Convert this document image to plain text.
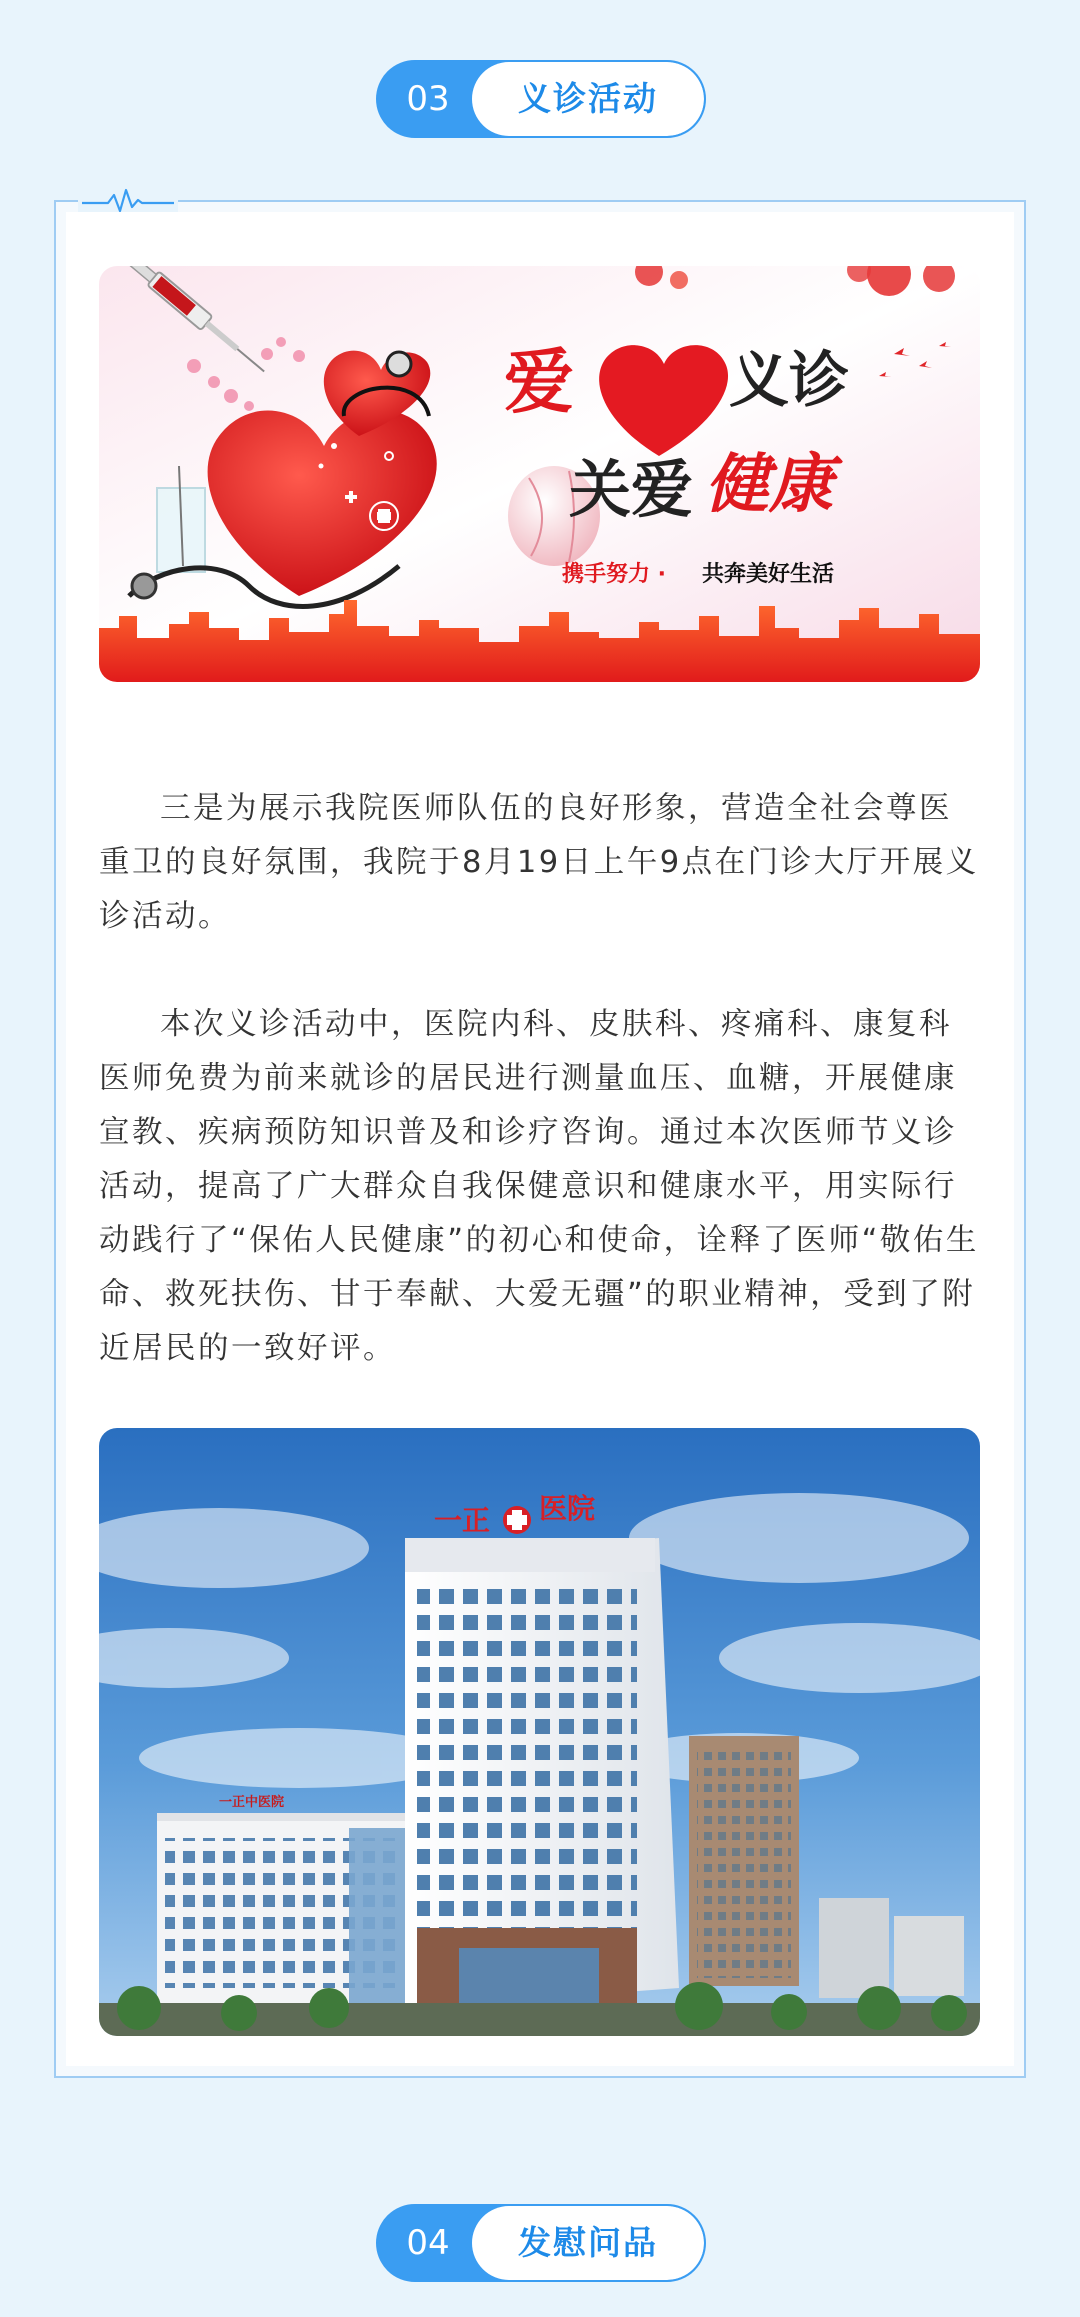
03	义诊活动
爱	义诊
关爱 健康
携手努力 · 共奔美好生活

三是为展示我院医师队伍的良好形象，营造全社会尊医重卫的良好氛围，我院于8月19日上午9点在门诊大厅开展义诊活动。

本次义诊活动中，医院内科、皮肤科、疼痛科、康复科医师免费为前来就诊的居民进行测量血压、血糖，开展健康宣教、疾病预防知识普及和诊疗咨询。通过本次医师节义诊活动，提高了广大群众自我保健意识和健康水平，用实际行动践行了“保佑人民健康”的初心和使命，诠释了医师“敬佑生命、救死扶伤、甘于奉献、大爱无疆”的职业精神，受到了附近居民的一致好评。

一正中医院
一正 医院
04	发慰问品
